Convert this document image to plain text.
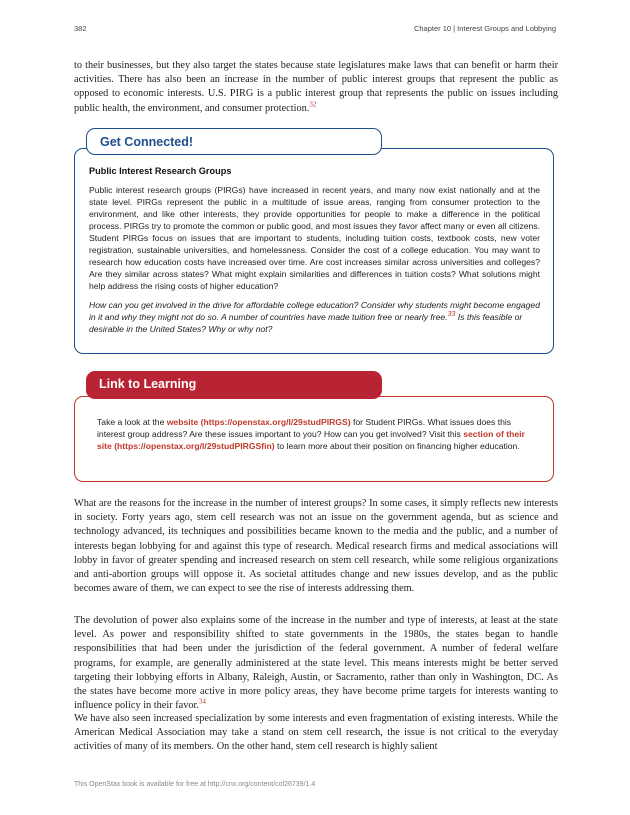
382	Chapter 10 | Interest Groups and Lobbying

to their businesses, but they also target the states because state legislatures make laws that can benefit or harm their activities. There has also been an increase in the number of public interest groups that represent the public as opposed to economic interests. U.S. PIRG is a public interest group that represents the public on issues including public health, the environment, and consumer protection.$^{32}$

Get Connected!
Public Interest Research Groups

Public interest research groups (PIRGs) have increased in recent years, and many now exist nationally and at the state level. PIRGs represent the public in a multitude of issue areas, ranging from consumer protection to the environment, and like other interests, they provide opportunities for people to make a difference in the political process. PIRGs try to promote the common or public good, and most issues they favor affect many or even all citizens. Student PIRGs focus on issues that are important to students, including tuition costs, textbook costs, new voter registration, sustainable universities, and homelessness. Consider the cost of a college education. You may want to research how education costs have increased over time. Are cost increases similar across universities and colleges? Are they similar across states? What might explain similarities and differences in tuition costs? What solutions might help address the rising costs of higher education?

How can you get involved in the drive for affordable college education? Consider why students might become engaged in it and why they might not do so. A number of countries have made tuition free or nearly free.$^{33}$ Is this feasible or desirable in the United States? Why or why not?

Link to Learning

Take a look at the website (https://openstax.org/l/29studPIRGS) for Student PIRGs. What issues does this interest group address? Are these issues important to you? How can you get involved? Visit this section of their site (https://openstax.org/l/29studPIRGSfin) to learn more about their position on financing higher education.

What are the reasons for the increase in the number of interest groups? In some cases, it simply reflects new interests in society. Forty years ago, stem cell research was not an issue on the government agenda, but as science and technology advanced, its techniques and possibilities became known to the media and the public, and a number of interests began lobbying for and against this type of research. Medical research firms and medical associations will lobby in favor of greater spending and increased research on stem cell research, while some religious organizations and anti-abortion groups will oppose it. As societal attitudes change and new issues develop, and as the public becomes aware of them, we can expect to see the rise of interests addressing them.

The devolution of power also explains some of the increase in the number and type of interests, at least at the state level. As power and responsibility shifted to state governments in the 1980s, the states began to handle responsibilities that had been under the jurisdiction of the federal government. A number of federal welfare programs, for example, are generally administered at the state level. This means interests might be better served targeting their lobbying efforts in Albany, Raleigh, Austin, or Sacramento, rather than only in Washington, DC. As the states have become more active in more policy areas, they have become prime targets for interests wanting to influence policy in their favor.$^{34}$

We have also seen increased specialization by some interests and even fragmentation of existing interests. While the American Medical Association may take a stand on stem cell research, the issue is not critical to the everyday activities of many of its members. On the other hand, stem cell research is highly salient

This OpenStax book is available for free at http://cnx.org/content/col26739/1.4
